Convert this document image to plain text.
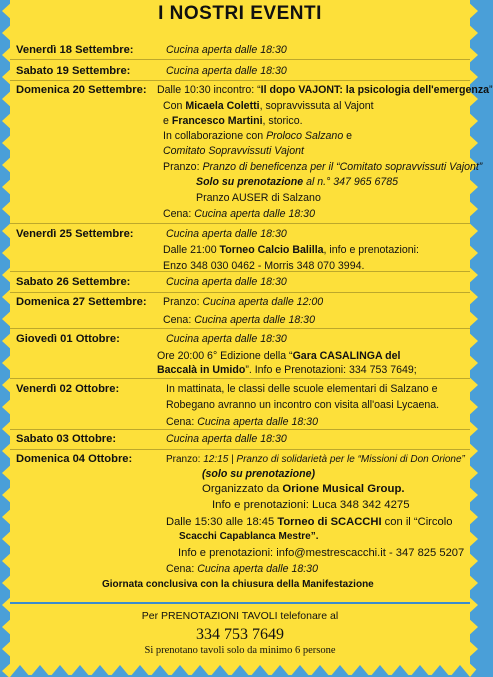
I NOSTRI EVENTI
Venerdì 18 Settembre:	Cucina aperta dalle 18:30
Sabato 19 Settembre:	Cucina aperta dalle 18:30
Domenica 20 Settembre: Dalle 10:30 incontro: “Il dopo VAJONT: la psicologia dell'emergenza”
Con Micaela Coletti, sopravvissuta al Vajont
e Francesco Martini, storico.
In collaborazione con Proloco Salzano e
Comitato Sopravvissuti Vajont
Pranzo: Pranzo di beneficenza per il “Comitato sopravvissuti Vajont”
Solo su prenotazione al n.° 347 965 6785
Pranzo AUSER di Salzano
Cena: Cucina aperta dalle 18:30
Venerdì 25 Settembre:	Cucina aperta dalle 18:30
Dalle 21:00 Torneo Calcio Balilla, info e prenotazioni:
Enzo 348 030 0462 - Morris 348 070 3994.
Sabato 26 Settembre:	Cucina aperta dalle 18:30
Domenica 27 Settembre: Pranzo: Cucina aperta dalle 12:00
Cena: Cucina aperta dalle 18:30
Giovedì 01 Ottobre:	Cucina aperta dalle 18:30
Ore 20:00 6° Edizione della “Gara CASALINGA del
Baccalà in Umido”. Info e Prenotazioni: 334 753 7649;
Venerdì 02 Ottobre:	In mattinata, le classi delle scuole elementari di Salzano e
Robegano avranno un incontro con visita all'oasi Lycaena.
Cena: Cucina aperta dalle 18:30
Sabato 03 Ottobre:	Cucina aperta dalle 18:30
Domenica 04 Ottobre:	Pranzo: 12:15 | Pranzo di solidarietà per le “Missioni di Don Orione”
(solo su prenotazione)
Organizzato da Orione Musical Group.
Info e prenotazioni: Luca 348 342 4275
Dalle 15:30 alle 18:45 Torneo di SCACCHI con il “Circolo
Scacchi Capablanca Mestre”.
Info e prenotazioni: info@mestrescacchi.it - 347 825 5207
Cena: Cucina aperta dalle 18:30
Giornata conclusiva con la chiusura della Manifestazione
Per PRENOTAZIONI TAVOLI telefonare al
334 753 7649
Si prenotano tavoli solo da minimo 6 persone
